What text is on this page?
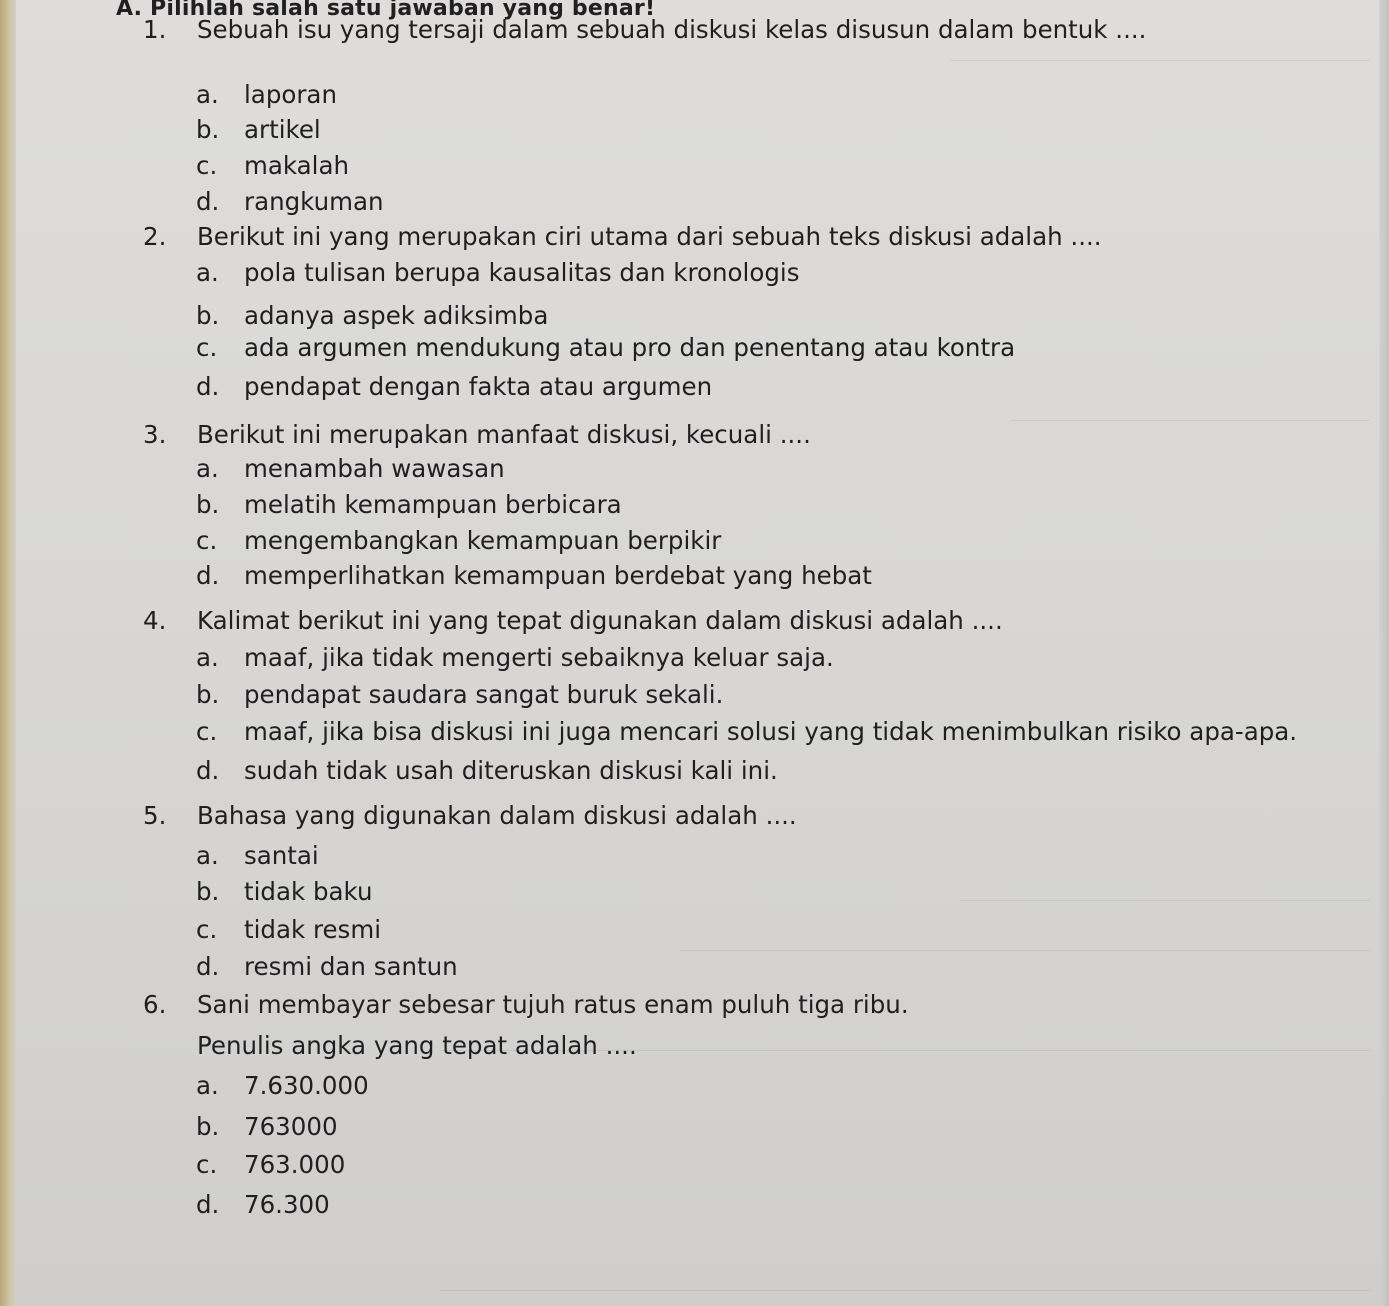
A. Pilihlah salah satu jawaban yang benar!
1. Sebuah isu yang tersaji dalam sebuah diskusi kelas disusun dalam bentuk ....
a. laporan
b. artikel
c. makalah
d. rangkuman
2. Berikut ini yang merupakan ciri utama dari sebuah teks diskusi adalah ....
a. pola tulisan berupa kausalitas dan kronologis
b. adanya aspek adiksimba
c. ada argumen mendukung atau pro dan penentang atau kontra
d. pendapat dengan fakta atau argumen
3. Berikut ini merupakan manfaat diskusi, kecuali ....
a. menambah wawasan
b. melatih kemampuan berbicara
c. mengembangkan kemampuan berpikir
d. memperlihatkan kemampuan berdebat yang hebat
4. Kalimat berikut ini yang tepat digunakan dalam diskusi adalah ....
a. maaf, jika tidak mengerti sebaiknya keluar saja.
b. pendapat saudara sangat buruk sekali.
c. maaf, jika bisa diskusi ini juga mencari solusi yang tidak menimbulkan risiko apa-apa.
d. sudah tidak usah diteruskan diskusi kali ini.
5. Bahasa yang digunakan dalam diskusi adalah ....
a. santai
b. tidak baku
c. tidak resmi
d. resmi dan santun
6. Sani membayar sebesar tujuh ratus enam puluh tiga ribu.
Penulis angka yang tepat adalah ....
a. 7.630.000
b. 763000
c. 763.000
d. 76.300
